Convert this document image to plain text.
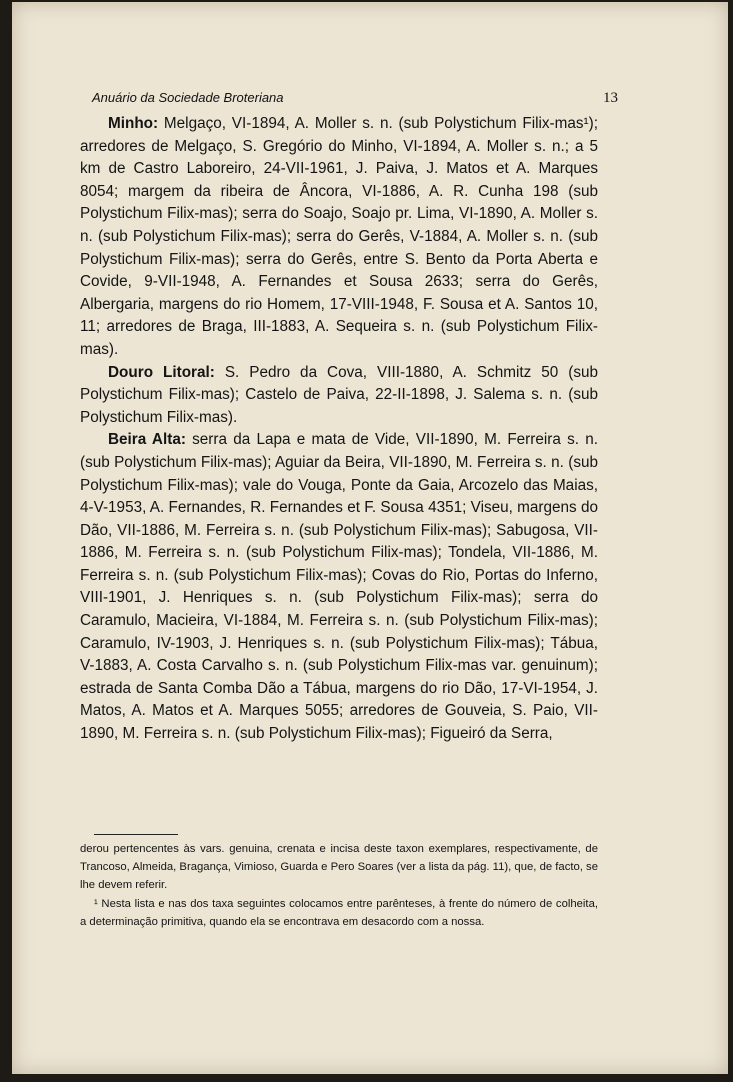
Anuário da Sociedade Broteriana	13

Minho: Melgaço, VI-1894, A. Moller s. n. (sub Polystichum Filix-mas¹); arredores de Melgaço, S. Gregório do Minho, VI-1894, A. Moller s. n.; a 5 km de Castro Laboreiro, 24-VII-1961, J. Paiva, J. Matos et A. Marques 8054; margem da ribeira de Âncora, VI-1886, A. R. Cunha 198 (sub Polystichum Filix-mas); serra do Soajo, Soajo pr. Lima, VI-1890, A. Moller s. n. (sub Polystichum Filix-mas); serra do Gerês, V-1884, A. Moller s. n. (sub Polystichum Filix-mas); serra do Gerês, entre S. Bento da Porta Aberta e Covide, 9-VII-1948, A. Fernandes et Sousa 2633; serra do Gerês, Albergaria, margens do rio Homem, 17-VIII-1948, F. Sousa et A. Santos 10, 11; arredores de Braga, III-1883, A. Sequeira s. n. (sub Polystichum Filix-mas).

Douro Litoral: S. Pedro da Cova, VIII-1880, A. Schmitz 50 (sub Polystichum Filix-mas); Castelo de Paiva, 22-II-1898, J. Salema s. n. (sub Polystichum Filix-mas).

Beira Alta: serra da Lapa e mata de Vide, VII-1890, M. Ferreira s. n. (sub Polystichum Filix-mas); Aguiar da Beira, VII-1890, M. Ferreira s. n. (sub Polystichum Filix-mas); vale do Vouga, Ponte da Gaia, Arcozelo das Maias, 4-V-1953, A. Fernandes, R. Fernandes et F. Sousa 4351; Viseu, margens do Dão, VII-1886, M. Ferreira s. n. (sub Polystichum Filix-mas); Sabugosa, VII-1886, M. Ferreira s. n. (sub Polystichum Filix-mas); Tondela, VII-1886, M. Ferreira s. n. (sub Polystichum Filix-mas); Covas do Rio, Portas do Inferno, VIII-1901, J. Henriques s. n. (sub Polystichum Filix-mas); serra do Caramulo, Macieira, VI-1884, M. Ferreira s. n. (sub Polystichum Filix-mas); Caramulo, IV-1903, J. Henriques s. n. (sub Polystichum Filix-mas); Tábua, V-1883, A. Costa Carvalho s. n. (sub Polystichum Filix-mas var. genuinum); estrada de Santa Comba Dão a Tábua, margens do rio Dão, 17-VI-1954, J. Matos, A. Matos et A. Marques 5055; arredores de Gouveia, S. Paio, VII-1890, M. Ferreira s. n. (sub Polystichum Filix-mas); Figueiró da Serra,

derou pertencentes às vars. genuina, crenata e incisa deste taxon exemplares, respectivamente, de Trancoso, Almeida, Bragança, Vimioso, Guarda e Pero Soares (ver a lista da pág. 11), que, de facto, se lhe devem referir.

¹ Nesta lista e nas dos taxa seguintes colocamos entre parênteses, à frente do número de colheita, a determinação primitiva, quando ela se encontrava em desacordo com a nossa.
